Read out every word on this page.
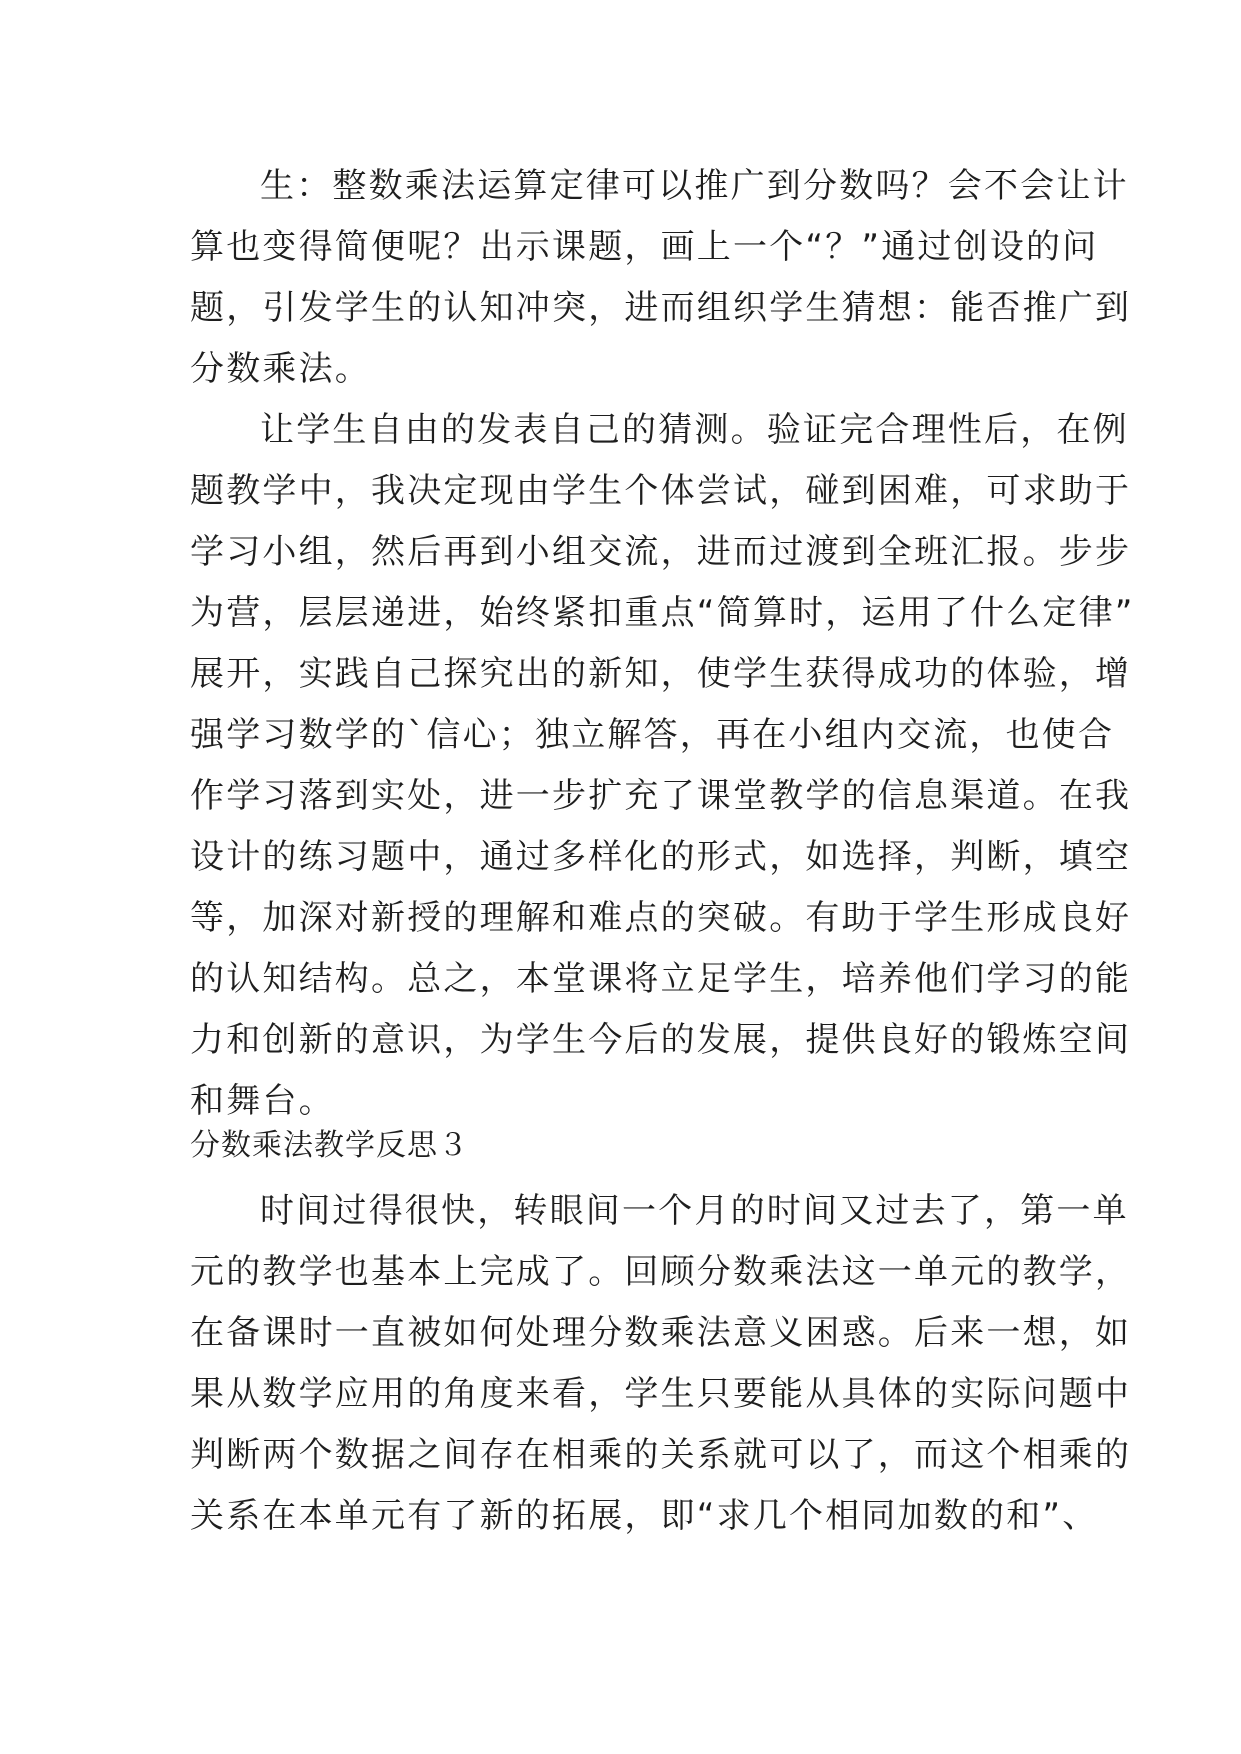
生：整数乘法运算定律可以推广到分数吗？会不会让计
算也变得简便呢？出示课题，画上一个“？”通过创设的问
题，引发学生的认知冲突，进而组织学生猜想：能否推广到
分数乘法。
让学生自由的发表自己的猜测。验证完合理性后，在例
题教学中，我决定现由学生个体尝试，碰到困难，可求助于
学习小组，然后再到小组交流，进而过渡到全班汇报。步步
为营，层层递进，始终紧扣重点“简算时，运用了什么定律”
展开，实践自己探究出的新知，使学生获得成功的体验，增
强学习数学的`信心；独立解答，再在小组内交流，也使合
作学习落到实处，进一步扩充了课堂教学的信息渠道。在我
设计的练习题中，通过多样化的形式，如选择，判断，填空
等，加深对新授的理解和难点的突破。有助于学生形成良好
的认知结构。总之，本堂课将立足学生，培养他们学习的能
力和创新的意识，为学生今后的发展，提供良好的锻炼空间
和舞台。
分数乘法教学反思３
时间过得很快，转眼间一个月的时间又过去了，第一单
元的教学也基本上完成了。回顾分数乘法这一单元的教学，
在备课时一直被如何处理分数乘法意义困惑。后来一想，如
果从数学应用的角度来看，学生只要能从具体的实际问题中
判断两个数据之间存在相乘的关系就可以了，而这个相乘的
关系在本单元有了新的拓展，即“求几个相同加数的和”、
